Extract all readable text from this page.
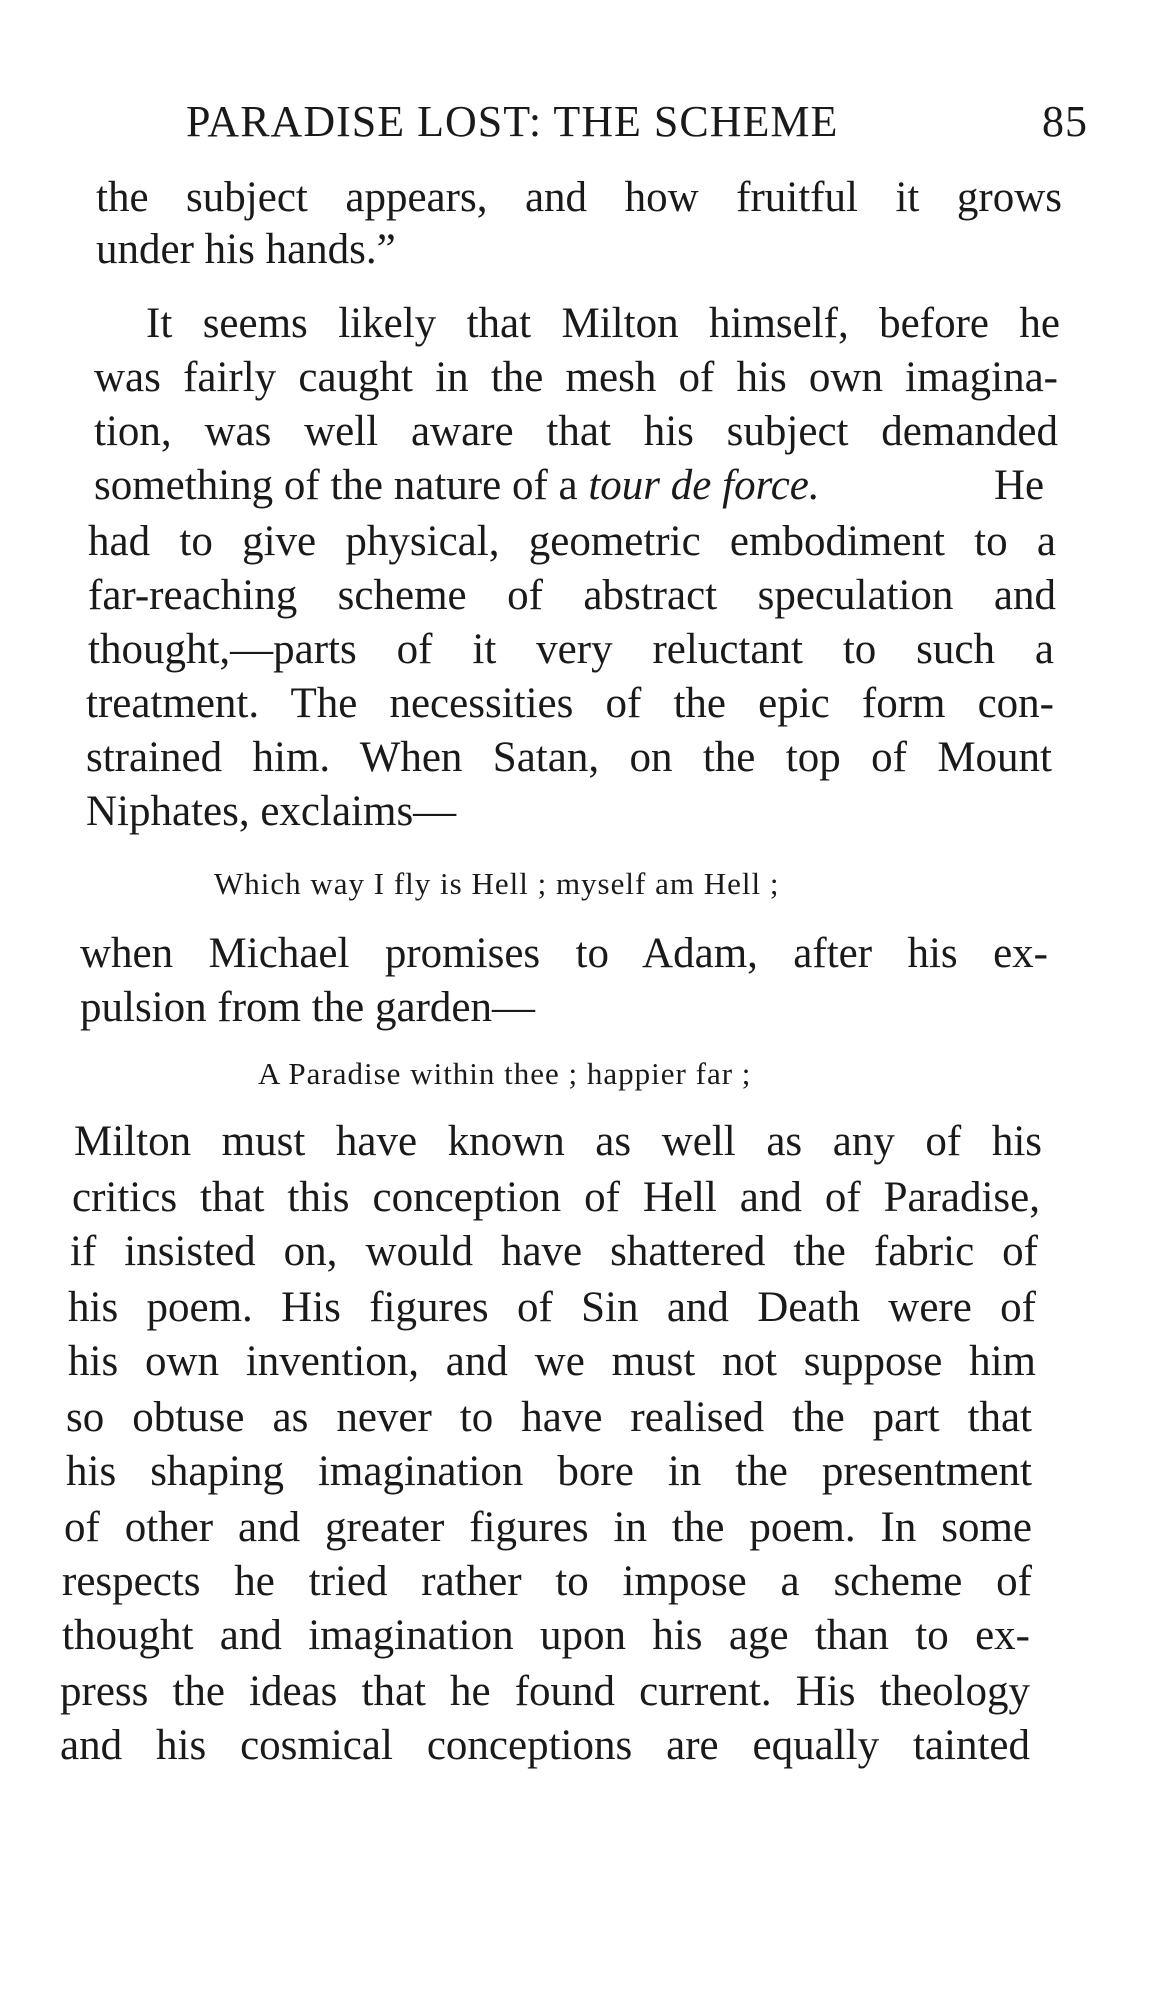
PARADISE LOST: THE SCHEME	85
the subject appears, and how fruitful it grows
under his hands.”
It seems likely that Milton himself, before he
was fairly caught in the mesh of his own imagina-
tion, was well aware that his subject demanded
something of the nature of a tour de force.	He
had to give physical, geometric embodiment to a
far-reaching scheme of abstract speculation and
thought,—parts of it very reluctant to such a
treatment. The necessities of the epic form con-
strained him. When Satan, on the top of Mount
Niphates, exclaims—
Which way I fly is Hell ; myself am Hell ;
when Michael promises to Adam, after his ex-
pulsion from the garden—
A Paradise within thee ; happier far ;
Milton must have known as well as any of his
critics that this conception of Hell and of Paradise,
if insisted on, would have shattered the fabric of
his poem. His figures of Sin and Death were of
his own invention, and we must not suppose him
so obtuse as never to have realised the part that
his shaping imagination bore in the presentment
of other and greater figures in the poem. In some
respects he tried rather to impose a scheme of
thought and imagination upon his age than to ex-
press the ideas that he found current. His theology
and his cosmical conceptions are equally tainted
